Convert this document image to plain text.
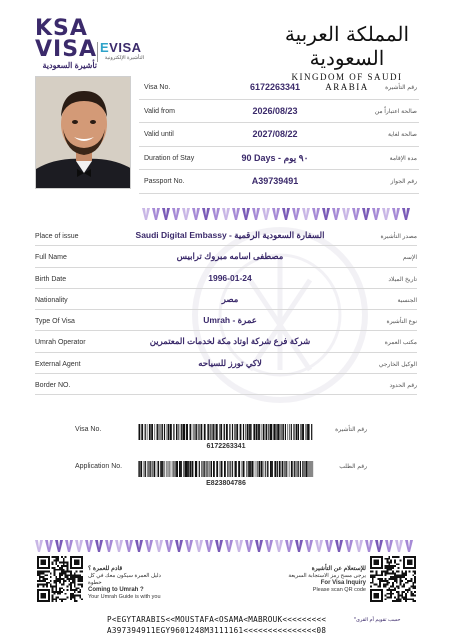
KSA
VISA
تأشيرة السعودية
EVISA
التأشيرة الإلكترونية
المملكة العربية السعودية
KINGDOM OF SAUDI ARABIA
Visa No.	6172263341	رقم التأشيرة
Valid from	2026/08/23	صالحة اعتباراً من
Valid until	2027/08/22	صالحة لغاية
Duration of Stay	90 Days - ٩٠ يوم	مدة الإقامة
Passport No.	A39739491	رقم الجواز
Place of issue	Saudi Digital Embassy - السفارة السعودية الرقمية	مصدر التأشيرة
Full Name	مصطفى اسامه مبروك ترابيس	الإسم
Birth Date	1996-01-24	تاريخ الميلاد
Nationality	مصر	الجنسية
Type Of Visa	Umrah - عمرة	نوع التأشيرة
Umrah Operator	شركة فرع شركة اوتاد مكة لخدمات المعتمرين	مكتب العمرة
External Agent	لاكي تورز للسياحه	الوكيل الخارجي
Border NO.	رقم الحدود
Visa No.	رقم التأشيرة
6172263341
Application No.	رقم الطلب
E823804786
قادم للعمرة ؟
دليل العمرة سيكون معك في كل خطوة
Coming to Umrah ?
Your Umrah Guide is with you
للإستعلام عن التأشيرة
يرجى مسح رمز الاستجابة السريعة
For Visa Inquiry
Please scan QR code
P<EGYTARABIS<<MOUSTAFA<OSAMA<MABROUK<<<<<<<<<
A397394911EGY9601248M3111161<<<<<<<<<<<<<<<08
*حسب تقويم أم القرى
